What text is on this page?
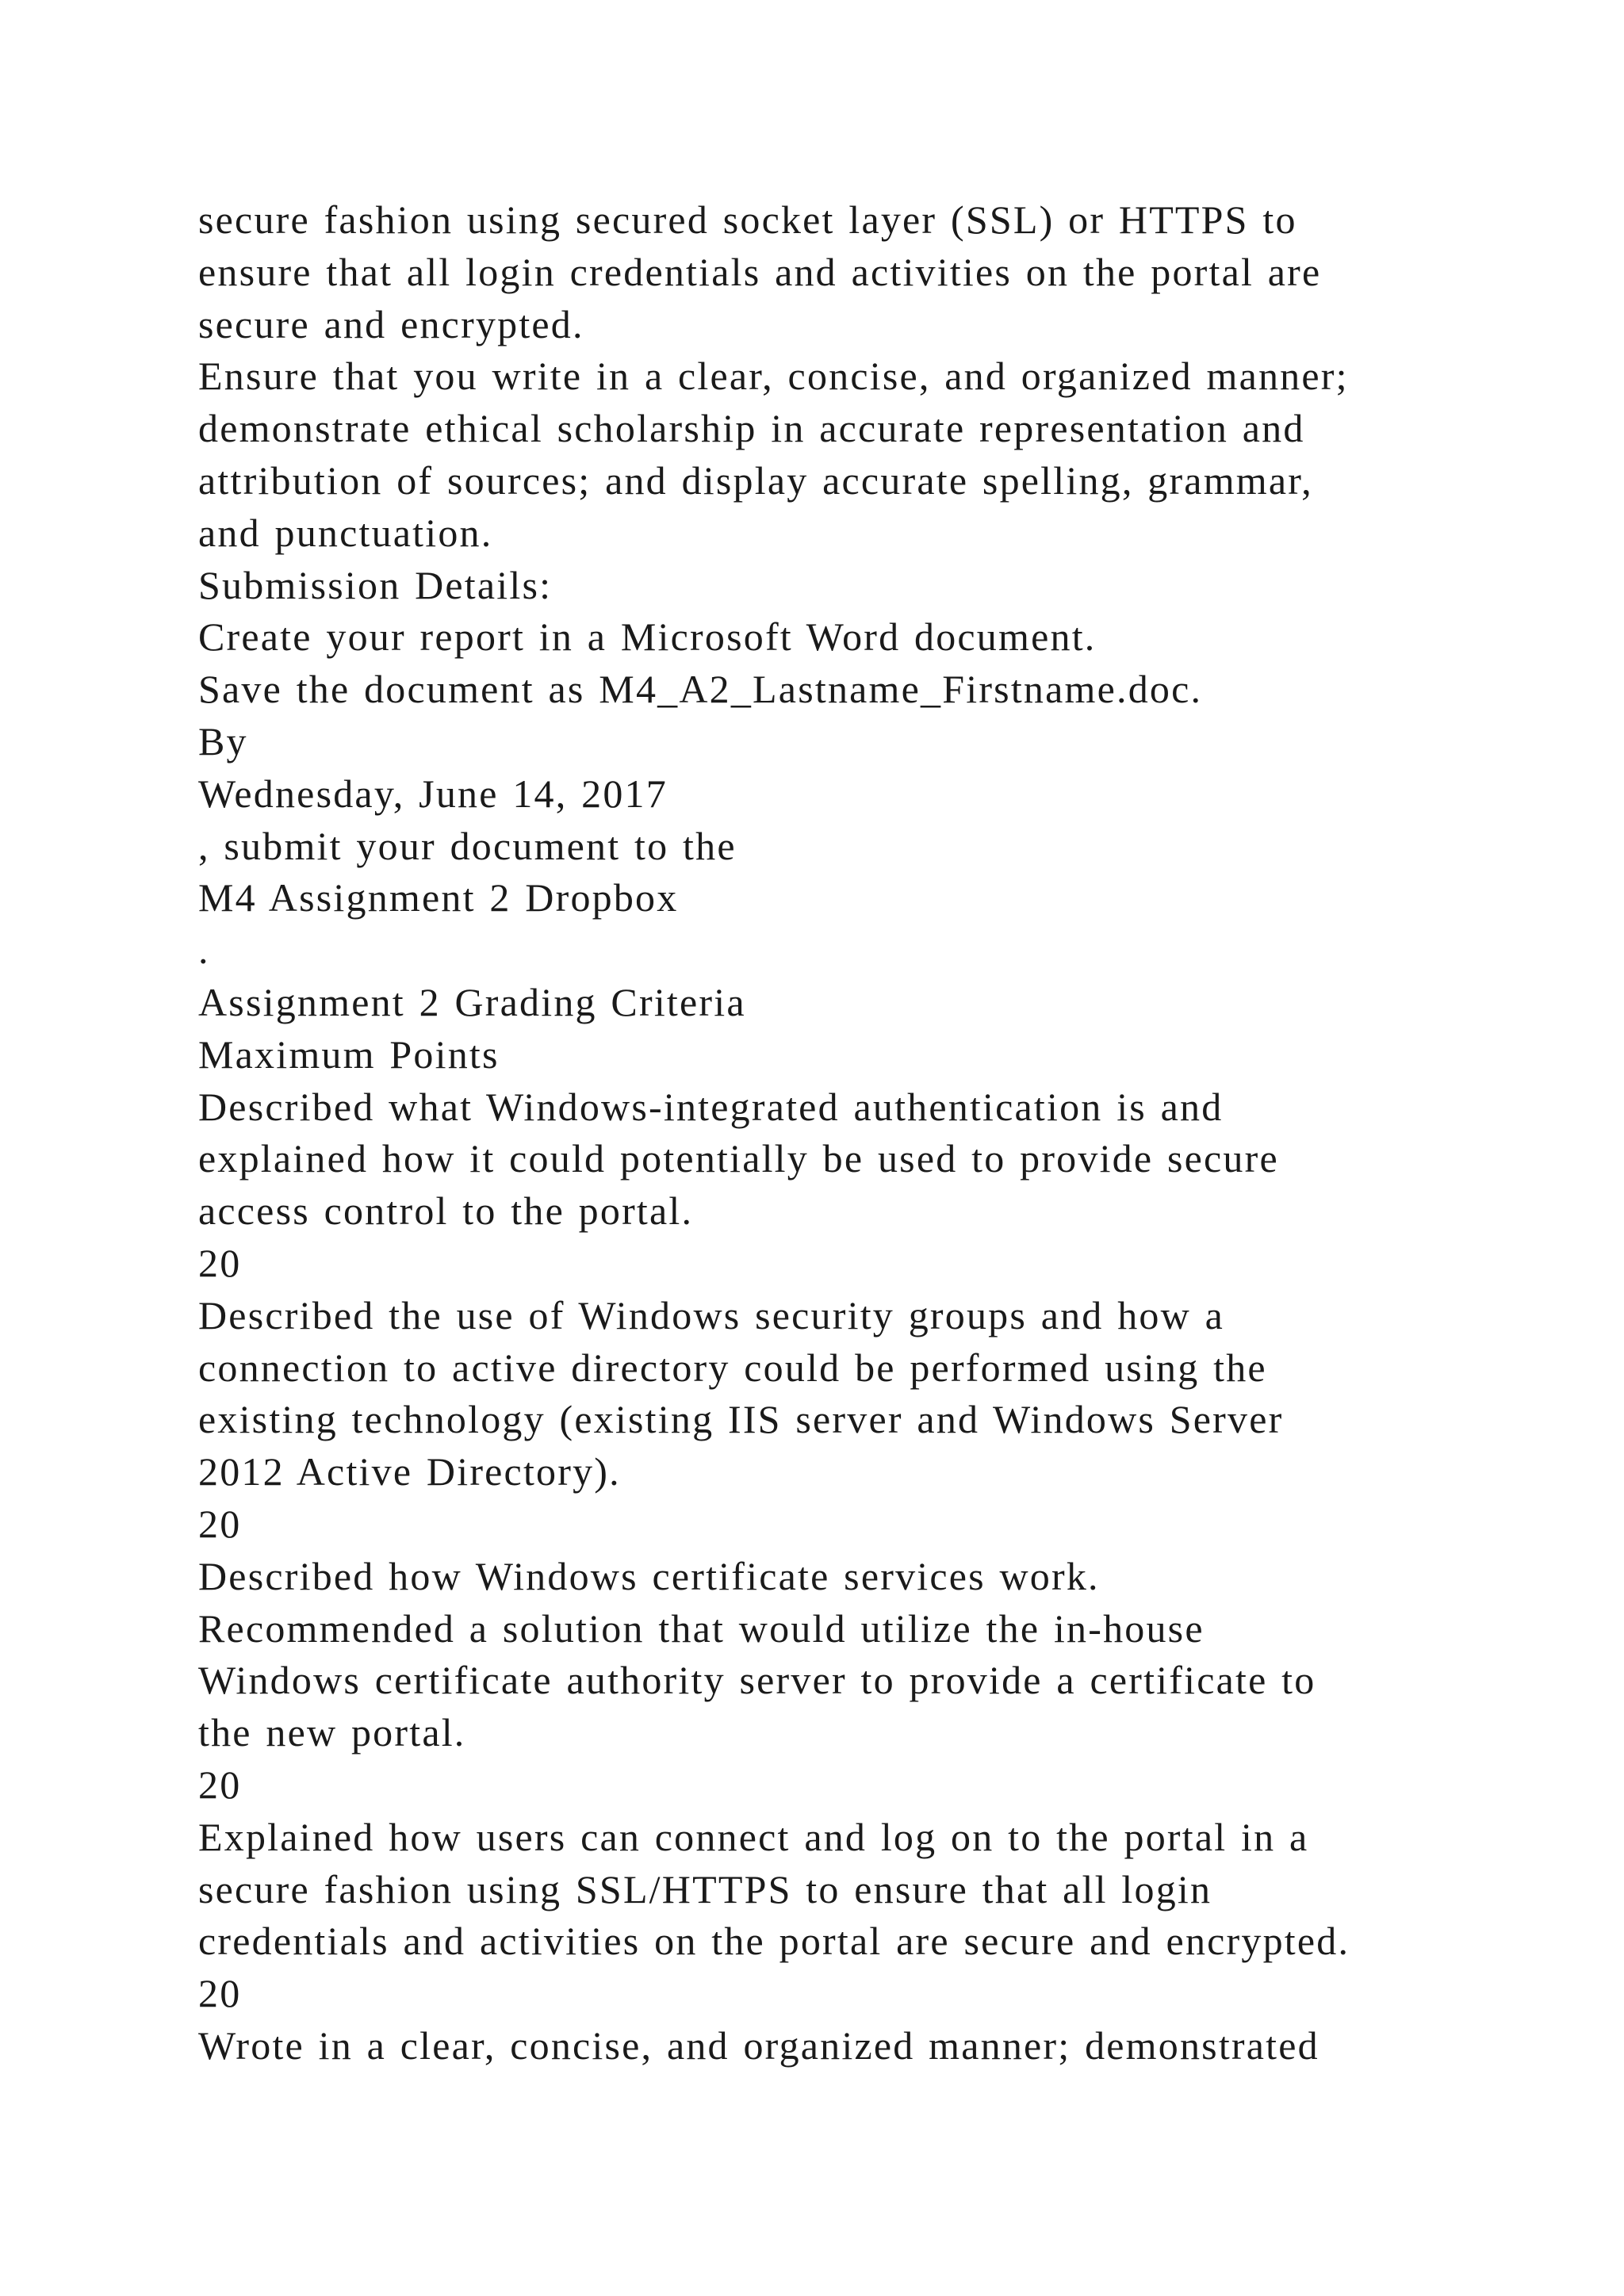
secure fashion using secured socket layer (SSL) or HTTPS to
ensure that all login credentials and activities on the portal are
secure and encrypted.
Ensure that you write in a clear, concise, and organized manner;
demonstrate ethical scholarship in accurate representation and
attribution of sources; and display accurate spelling, grammar,
and punctuation.
Submission Details:
Create your report in a Microsoft Word document.
Save the document as M4_A2_Lastname_Firstname.doc.
By
Wednesday, June 14, 2017
, submit your document to the
M4 Assignment 2 Dropbox
.
Assignment 2 Grading Criteria
Maximum Points
Described what Windows-integrated authentication is and
explained how it could potentially be used to provide secure
access control to the portal.
20
Described the use of Windows security groups and how a
connection to active directory could be performed using the
existing technology (existing IIS server and Windows Server
2012 Active Directory).
20
Described how Windows certificate services work.
Recommended a solution that would utilize the in-house
Windows certificate authority server to provide a certificate to
the new portal.
20
Explained how users can connect and log on to the portal in a
secure fashion using SSL/HTTPS to ensure that all login
credentials and activities on the portal are secure and encrypted.
20
Wrote in a clear, concise, and organized manner; demonstrated
